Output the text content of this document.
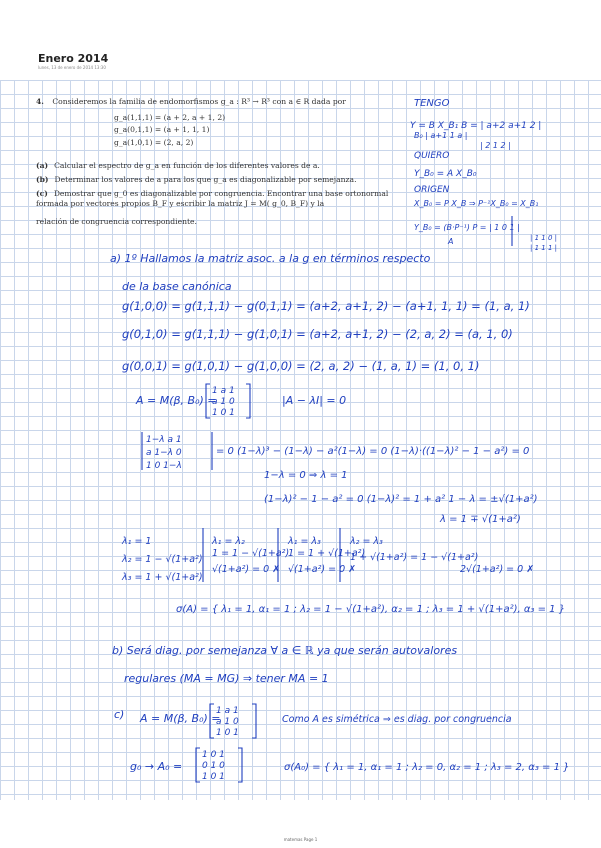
Enero 2014
lunes, 13 de enero de 2014 13:30
4. Consideremos la familia de endomorfismos g_a : R³ → R³ con a ∈ R dada por
g_a(1,1,1) = (a + 2, a + 1, 2)
g_a(0,1,1) = (a + 1, 1, 1)
g_a(1,0,1) = (2, a, 2)
(a) Calcular el espectro de g_a en función de los diferentes valores de a.
(b) Determinar los valores de a para los que g_a es diagonalizable por semejanza.
(c) Demostrar que g_0 es diagonalizable por congruencia. Encontrar una base ortonormal formada por vectores propios B_F y escribir la matriz J = M( g_0, B_F) y la
relación de congruencia correspondiente.
TENGO
Y = B X_B₁ B = | a+2 a+1 2 |
B₀ | a+1 1 a |
| 2 1 2 |
QUIERO
Y_B₀ = A X_B₀
ORIGEN
X_B₀ = P X_B ⇒ P⁻¹X_B₀ = X_B₁
Y_B₀ = (B·P⁻¹) P = | 1 0 1 |
A	| 1 1 0 |
| 1 1 1 |
a) 1º Hallamos la matriz asoc. a la g en términos respecto
de la base canónica
g(1,0,0) = g(1,1,1) − g(0,1,1) = (a+2, a+1, 2) − (a+1, 1, 1) = (1, a, 1)
g(0,1,0) = g(1,1,1) − g(1,0,1) = (a+2, a+1, 2) − (2, a, 2) = (a, 1, 0)
g(0,0,1) = g(1,0,1) − g(1,0,0) = (2, a, 2) − (1, a, 1) = (1, 0, 1)
A = M(β, B₀) =
1 a 1
a 1 0
1 0 1
|A − λI| = 0
1−λ a 1
a 1−λ 0
1 0 1−λ
= 0 (1−λ)³ − (1−λ) − a²(1−λ) = 0 (1−λ)·((1−λ)² − 1 − a²) = 0
1−λ = 0 ⇒ λ = 1
(1−λ)² − 1 − a² = 0 (1−λ)² = 1 + a² 1 − λ = ±√(1+a²)
λ = 1 ∓ √(1+a²)
λ₁ = 1
λ₂ = 1 − √(1+a²)
λ₃ = 1 + √(1+a²)
λ₁ = λ₂
1 = 1 − √(1+a²)
√(1+a²) = 0 ✗
λ₁ = λ₃
1 = 1 + √(1+a²)
√(1+a²) = 0 ✗
λ₂ = λ₃
1 + √(1+a²) = 1 − √(1+a²)
2√(1+a²) = 0 ✗
σ(A) = { λ₁ = 1, α₁ = 1 ; λ₂ = 1 − √(1+a²), α₂ = 1 ; λ₃ = 1 + √(1+a²), α₃ = 1 }
b) Será diag. por semejanza ∀ a ∈ ℝ ya que serán autovalores
regulares (MA = MG) ⇒ tener MA = 1
c) A = M(β, B₀) =
1 a 1
a 1 0
1 0 1
Como A es simétrica ⇒ es diag. por congruencia
g₀ → A₀ =
1 0 1
0 1 0
1 0 1
σ(A₀) = { λ₁ = 1, α₁ = 1 ; λ₂ = 0, α₂ = 1 ; λ₃ = 2, α₃ = 1 }
matemas Page 1
